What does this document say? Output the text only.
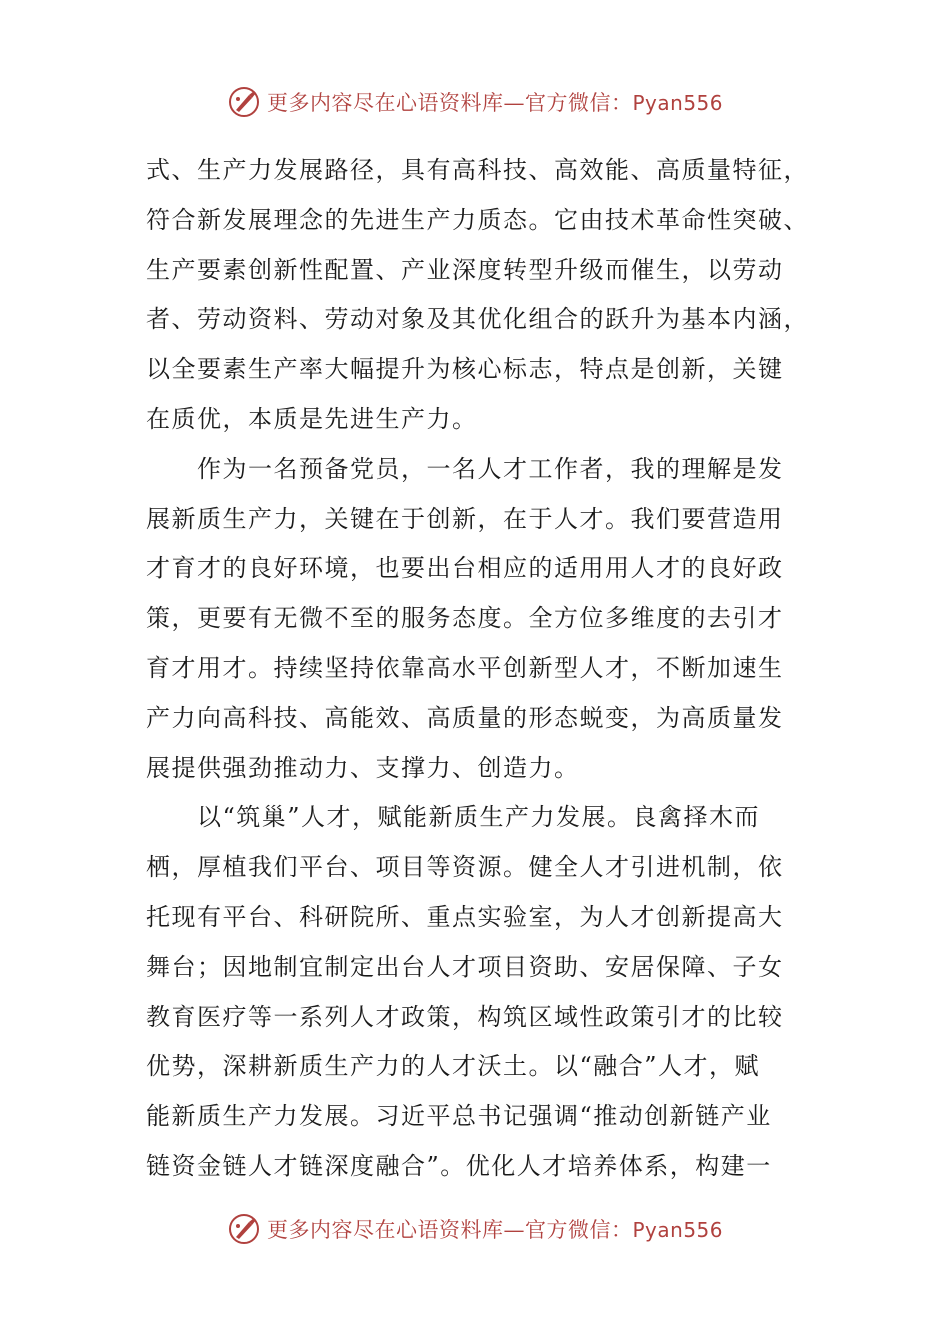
更多内容尽在心语资料库—官方微信：Pyan556
式、生产力发展路径，具有高科技、高效能、高质量特征，
符合新发展理念的先进生产力质态。它由技术革命性突破、
生产要素创新性配置、产业深度转型升级而催生，以劳动
者、劳动资料、劳动对象及其优化组合的跃升为基本内涵，
以全要素生产率大幅提升为核心标志，特点是创新，关键
在质优，本质是先进生产力。
　　作为一名预备党员，一名人才工作者，我的理解是发
展新质生产力，关键在于创新，在于人才。我们要营造用
才育才的良好环境，也要出台相应的适用用人才的良好政
策，更要有无微不至的服务态度。全方位多维度的去引才
育才用才。持续坚持依靠高水平创新型人才，不断加速生
产力向高科技、高能效、高质量的形态蜕变，为高质量发
展提供强劲推动力、支撑力、创造力。
　　以“筑巢”人才，赋能新质生产力发展。良禽择木而
栖，厚植我们平台、项目等资源。健全人才引进机制，依
托现有平台、科研院所、重点实验室，为人才创新提高大
舞台；因地制宜制定出台人才项目资助、安居保障、子女
教育医疗等一系列人才政策，构筑区域性政策引才的比较
优势，深耕新质生产力的人才沃土。以“融合”人才，赋
能新质生产力发展。习近平总书记强调“推动创新链产业
链资金链人才链深度融合”。优化人才培养体系，构建一
更多内容尽在心语资料库—官方微信：Pyan556
